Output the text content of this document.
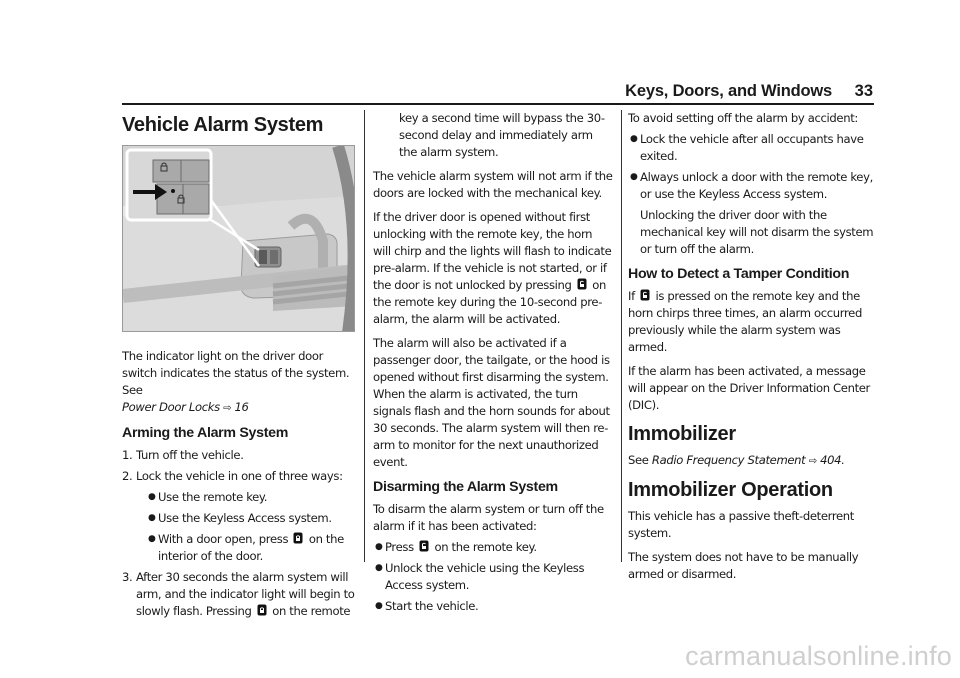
Keys, Doors, and Windows 33
Vehicle Alarm System

The indicator light on the driver door switch indicates the status of the system. See
Power Door Locks ⇨ 16

Arming the Alarm System
1. Turn off the vehicle.
2. Lock the vehicle in one of three ways:
● Use the remote key.
● Use the Keyless Access system.
● With a door open, press on the interior of the door.
3. After 30 seconds the alarm system will arm, and the indicator light will begin to slowly flash. Pressing on the remote

key a second time will bypass the 30-second delay and immediately arm the alarm system.

The vehicle alarm system will not arm if the doors are locked with the mechanical key.

If the driver door is opened without first unlocking with the remote key, the horn will chirp and the lights will flash to indicate pre-alarm. If the vehicle is not started, or if the door is not unlocked by pressing on the remote key during the 10-second pre-alarm, the alarm will be activated.

The alarm will also be activated if a passenger door, the tailgate, or the hood is opened without first disarming the system. When the alarm is activated, the turn signals flash and the horn sounds for about 30 seconds. The alarm system will then re-arm to monitor for the next unauthorized event.

Disarming the Alarm System

To disarm the alarm system or turn off the alarm if it has been activated:

● Press on the remote key.
● Unlock the vehicle using the Keyless Access system.
● Start the vehicle.

To avoid setting off the alarm by accident:

● Lock the vehicle after all occupants have exited.
● Always unlock a door with the remote key, or use the Keyless Access system.

Unlocking the driver door with the mechanical key will not disarm the system or turn off the alarm.

How to Detect a Tamper Condition

If is pressed on the remote key and the horn chirps three times, an alarm occurred previously while the alarm system was armed.

If the alarm has been activated, a message will appear on the Driver Information Center (DIC).

Immobilizer

See Radio Frequency Statement ⇨ 404.

Immobilizer Operation

This vehicle has a passive theft-deterrent system.

The system does not have to be manually armed or disarmed.

carmanualsonline.info
